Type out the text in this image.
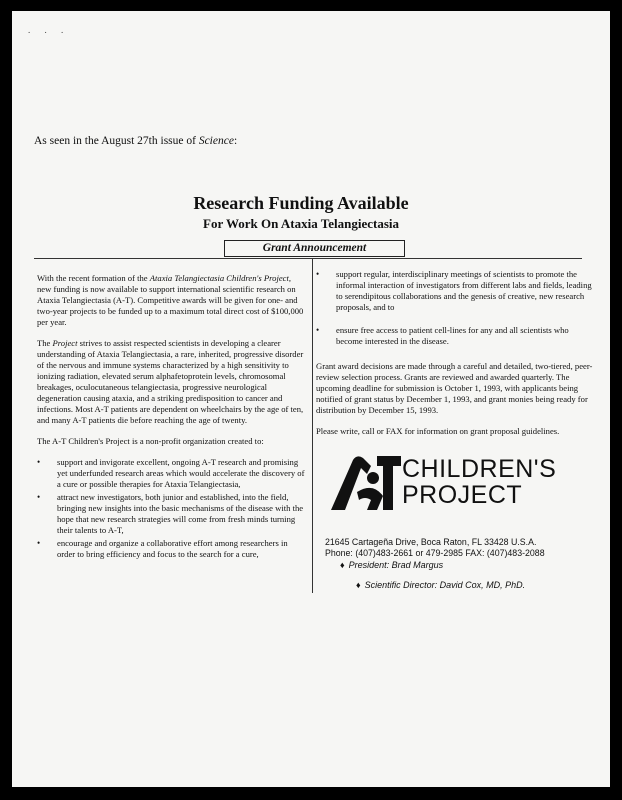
. . .
As seen in the August 27th issue of Science:
Research Funding Available
For Work On Ataxia Telangiectasia
Grant Announcement

With the recent formation of the Ataxia Telangiectasia Children's Project, new funding is now available to support international scientific research on Ataxia Telangiectasia (A-T). Competitive awards will be given for one- and two-year projects to be funded up to a maximum total direct cost of $100,000 per year.

The Project strives to assist respected scientists in developing a clearer understanding of Ataxia Telangiectasia, a rare, inherited, progressive disorder of the nervous and immune systems characterized by a high sensitivity to ionizing radiation, elevated serum alphafetoprotein levels, chromosomal breakages, oculocutaneous telangiectasia, progressive neurological degeneration causing ataxia, and a striking predisposition to cancer and infections. Most A-T patients are dependent on wheelchairs by the age of ten, and many A-T patients die before reaching the age of twenty.

The A-T Children's Project is a non-profit organization created to:

• support and invigorate excellent, ongoing A-T research and promising yet underfunded research areas which would accelerate the discovery of a cure or possible therapies for Ataxia Telangiectasia,
• attract new investigators, both junior and established, into the field, bringing new insights into the basic mechanisms of the disease with the hope that new research strategies will come from fresh minds turning their talents to A-T,
• encourage and organize a collaborative effort among researchers in order to bring efficiency and focus to the search for a cure,
• support regular, interdisciplinary meetings of scientists to promote the informal interaction of investigators from different labs and fields, leading to serendipitous collaborations and the genesis of creative, new research proposals, and to
• ensure free access to patient cell-lines for any and all scientists who become interested in the disease.

Grant award decisions are made through a careful and detailed, two-tiered, peer-review selection process. Grants are reviewed and awarded quarterly. The upcoming deadline for submission is October 1, 1993, with applicants being notified of grant status by December 1, 1993, and grant monies being ready for distribution by December 15, 1993.

Please write, call or FAX for information on grant proposal guidelines.

CHILDREN'S
PROJECT
21645 Cartageña Drive, Boca Raton, FL 33428 U.S.A.
Phone: (407)483-2661 or 479-2985 FAX: (407)483-2088
♦ President: Brad Margus
♦ Scientific Director: David Cox, MD, PhD.
